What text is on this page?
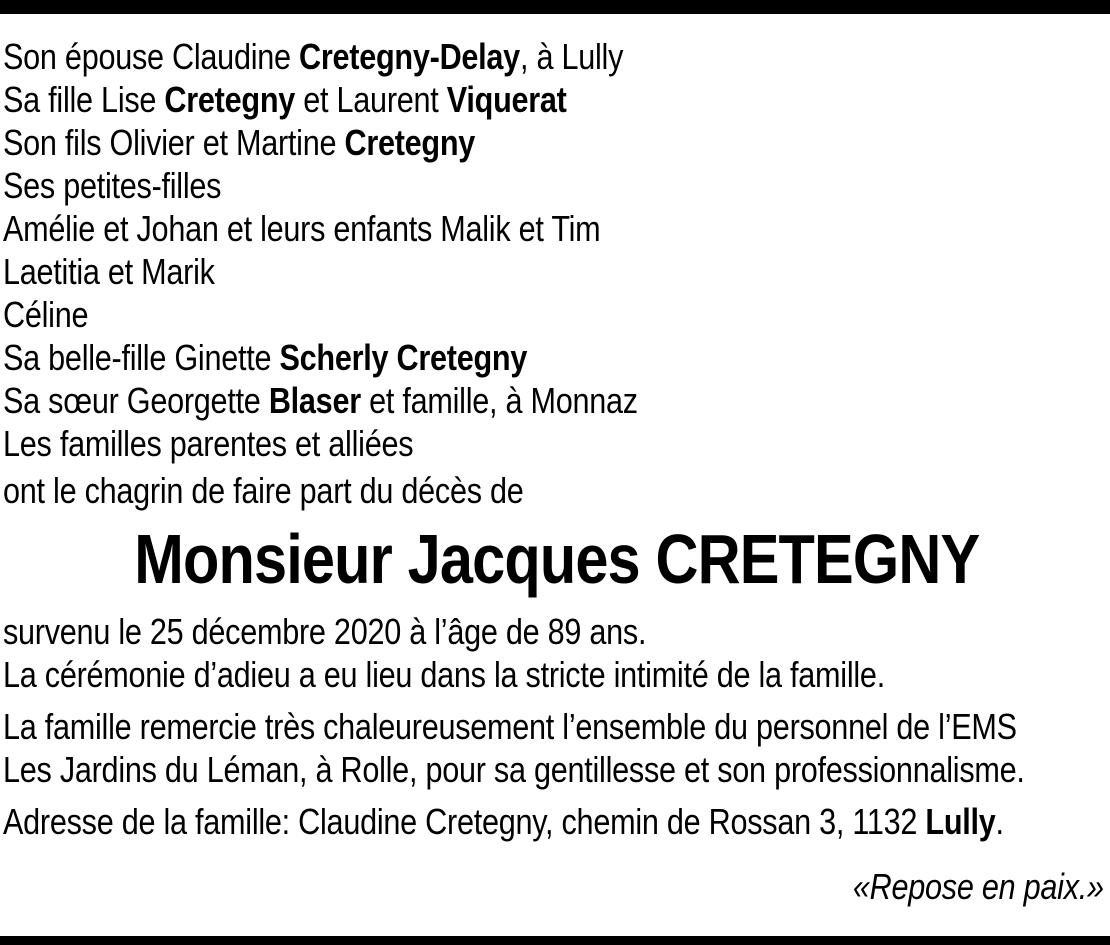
Son épouse Claudine Cretegny-Delay, à Lully
Sa fille Lise Cretegny et Laurent Viquerat
Son fils Olivier et Martine Cretegny
Ses petites-filles
Amélie et Johan et leurs enfants Malik et Tim
Laetitia et Marik
Céline
Sa belle-fille Ginette Scherly Cretegny
Sa sœur Georgette Blaser et famille, à Monnaz
Les familles parentes et alliées
ont le chagrin de faire part du décès de
Monsieur Jacques CRETEGNY
survenu le 25 décembre 2020 à l’âge de 89 ans.
La cérémonie d’adieu a eu lieu dans la stricte intimité de la famille.
La famille remercie très chaleureusement l’ensemble du personnel de l’EMS
Les Jardins du Léman, à Rolle, pour sa gentillesse et son professionnalisme.
Adresse de la famille: Claudine Cretegny, chemin de Rossan 3, 1132 Lully.
«Repose en paix.»
